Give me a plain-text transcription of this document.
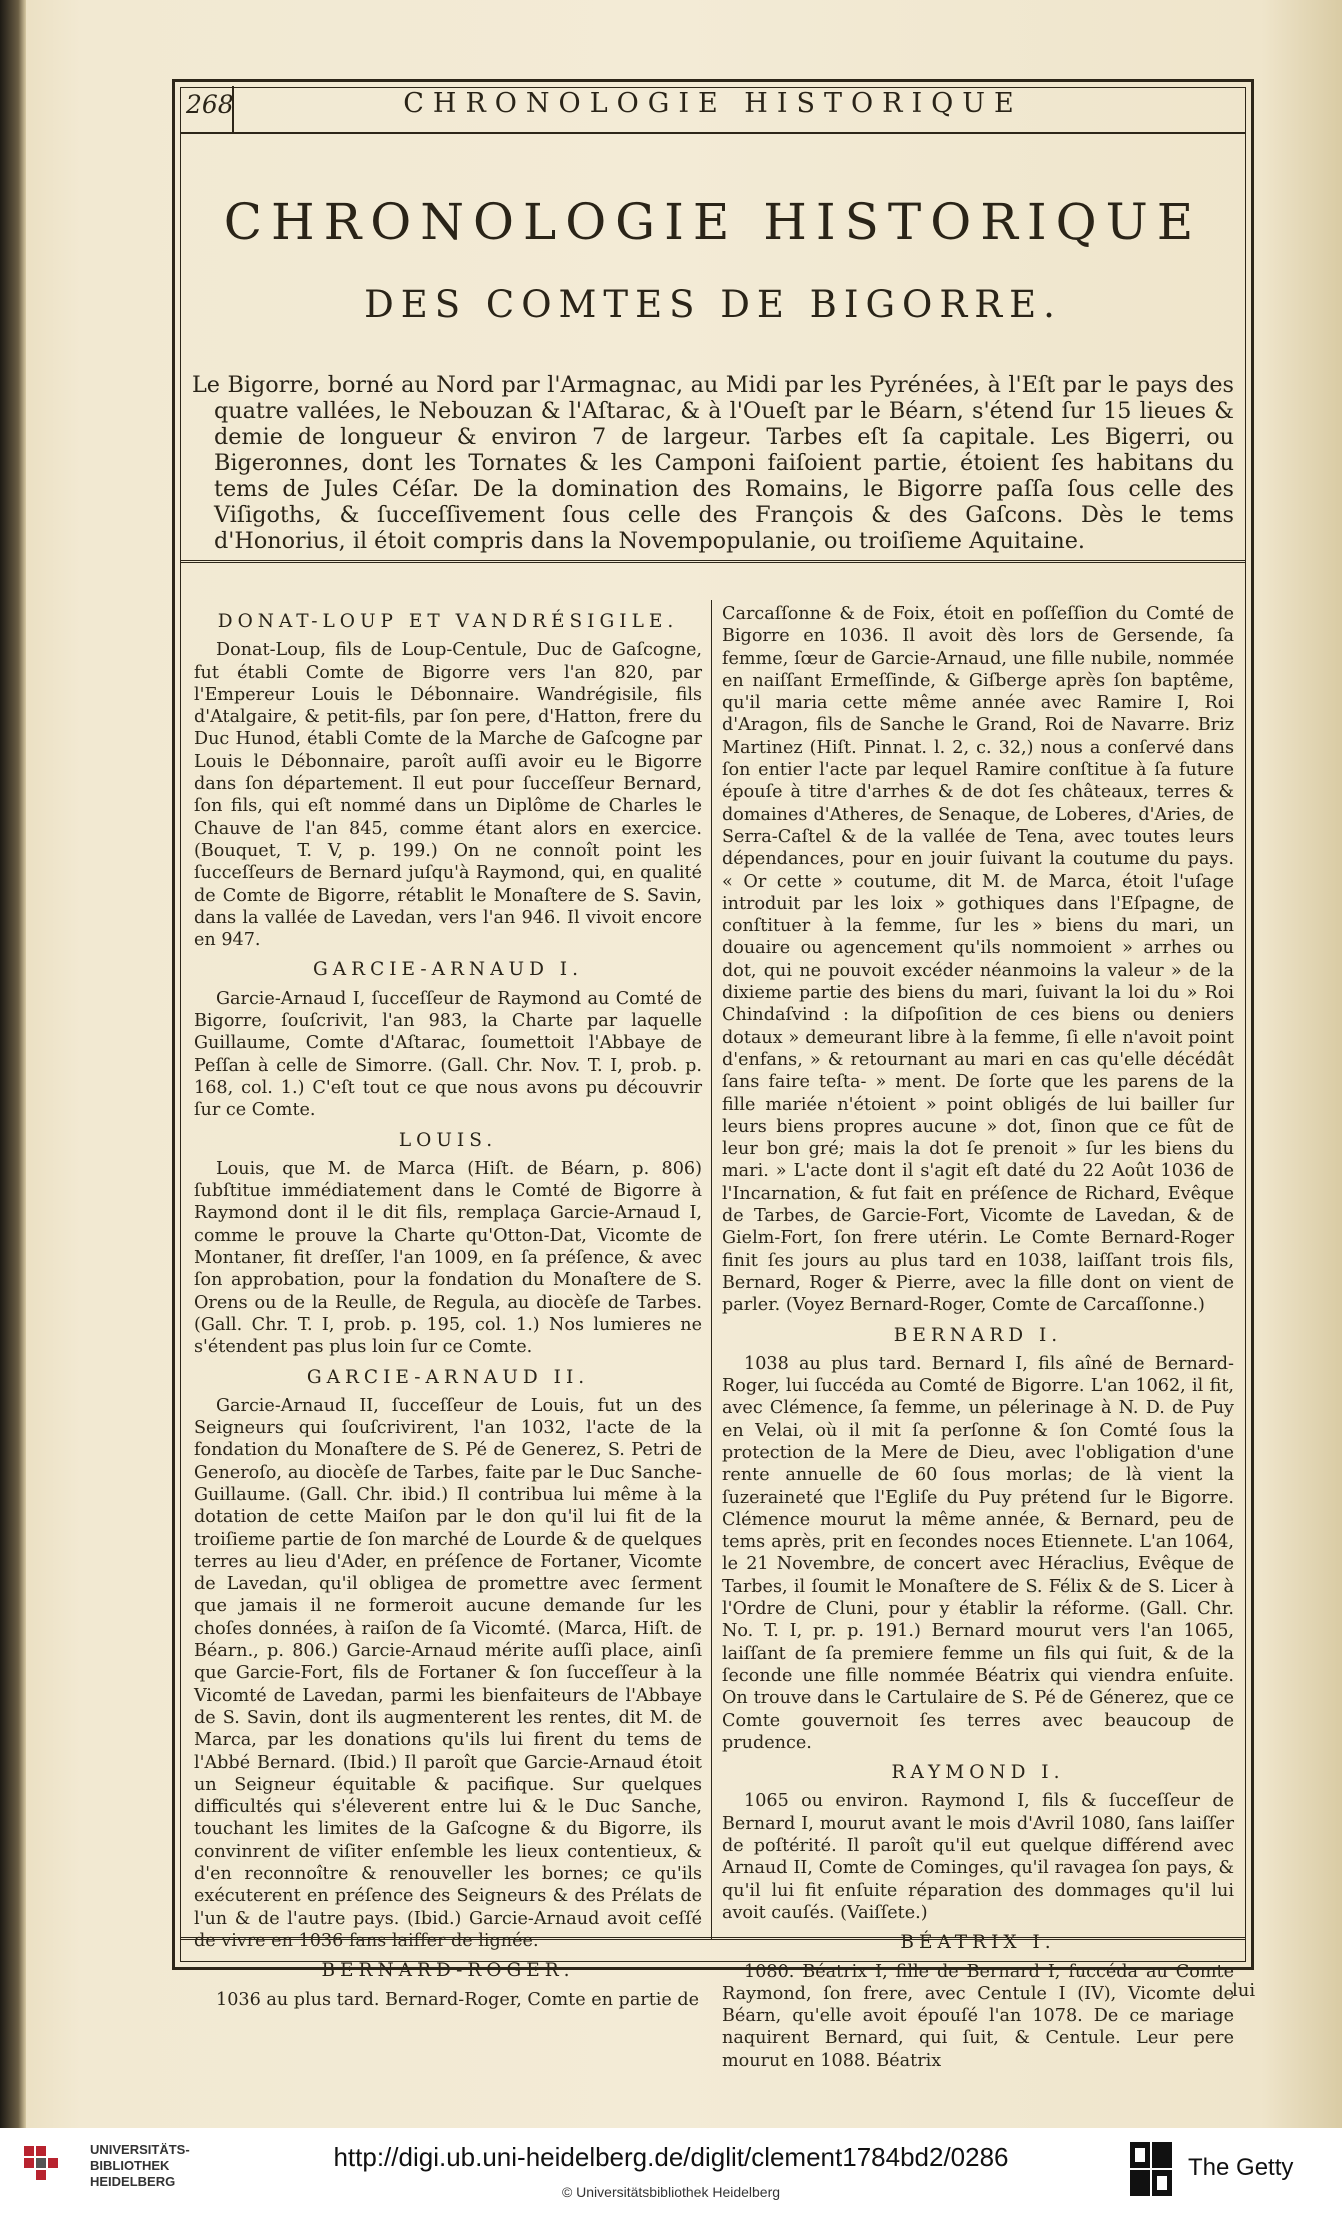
268	CHRONOLOGIE HISTORIQUE
CHRONOLOGIE HISTORIQUE
DES COMTES DE BIGORRE.
Le Bigorre, borné au Nord par l'Armagnac, au Midi par les Pyrénées, à l'Eſt par le pays des quatre vallées, le Nebouzan & l'Aſtarac, & à l'Oueſt par le Béarn, s'étend ſur 15 lieues & demie de longueur & environ 7 de largeur. Tarbes eſt ſa capitale. Les Bigerri, ou Bigeronnes, dont les Tornates & les Camponi faiſoient partie, étoient ſes habitans du tems de Jules Céſar. De la domination des Romains, le Bigorre paſſa ſous celle des Viſigoths, & ſucceſſivement ſous celle des François & des Gaſcons. Dès le tems d'Honorius, il étoit compris dans la Novempopulanie, ou troiſieme Aquitaine.
DONAT-LOUP ET VANDRÉSIGILE.

Donat-Loup, fils de Loup-Centule, Duc de Gaſcogne, fut établi Comte de Bigorre vers l'an 820, par l'Empereur Louis le Débonnaire. Wandrégisile, fils d'Atalgaire, & petit-fils, par ſon pere, d'Hatton, frere du Duc Hunod, établi Comte de la Marche de Gaſcogne par Louis le Débonnaire, paroît auſſi avoir eu le Bigorre dans ſon département. Il eut pour ſucceſſeur Bernard, ſon fils, qui eſt nommé dans un Diplôme de Charles le Chauve de l'an 845, comme étant alors en exercice. (Bouquet, T. V, p. 199.) On ne connoît point les ſucceſſeurs de Bernard juſqu'à Raymond, qui, en qualité de Comte de Bigorre, rétablit le Monaſtere de S. Savin, dans la vallée de Lavedan, vers l'an 946. Il vivoit encore en 947.

GARCIE-ARNAUD I.

Garcie-Arnaud I, ſucceſſeur de Raymond au Comté de Bigorre, ſouſcrivit, l'an 983, la Charte par laquelle Guillaume, Comte d'Aſtarac, ſoumettoit l'Abbaye de Peſſan à celle de Simorre. (Gall. Chr. Nov. T. I, prob. p. 168, col. 1.) C'eſt tout ce que nous avons pu découvrir ſur ce Comte.

LOUIS.

Louis, que M. de Marca (Hiſt. de Béarn, p. 806) ſubſtitue immédiatement dans le Comté de Bigorre à Raymond dont il le dit fils, remplaça Garcie-Arnaud I, comme le prouve la Charte qu'Otton-Dat, Vicomte de Montaner, fit dreſſer, l'an 1009, en ſa préſence, & avec ſon approbation, pour la fondation du Monaſtere de S. Orens ou de la Reulle, de Regula, au diocèſe de Tarbes. (Gall. Chr. T. I, prob. p. 195, col. 1.) Nos lumieres ne s'étendent pas plus loin ſur ce Comte.

GARCIE-ARNAUD II.

Garcie-Arnaud II, ſucceſſeur de Louis, fut un des Seigneurs qui ſouſcrivirent, l'an 1032, l'acte de la fondation du Monaſtere de S. Pé de Generez, S. Petri de Generoſo, au diocèſe de Tarbes, faite par le Duc Sanche-Guillaume. (Gall. Chr. ibid.) Il contribua lui même à la dotation de cette Maiſon par le don qu'il lui fit de la troiſieme partie de ſon marché de Lourde & de quelques terres au lieu d'Ader, en préſence de Fortaner, Vicomte de Lavedan, qu'il obligea de promettre avec ſerment que jamais il ne formeroit aucune demande ſur les choſes données, à raiſon de ſa Vicomté. (Marca, Hiſt. de Béarn., p. 806.) Garcie-Arnaud mérite auſſi place, ainſi que Garcie-Fort, fils de Fortaner & ſon ſucceſſeur à la Vicomté de Lavedan, parmi les bienfaiteurs de l'Abbaye de S. Savin, dont ils augmenterent les rentes, dit M. de Marca, par les donations qu'ils lui firent du tems de l'Abbé Bernard. (Ibid.) Il paroît que Garcie-Arnaud étoit un Seigneur équitable & pacifique. Sur quelques difficultés qui s'éleverent entre lui & le Duc Sanche, touchant les limites de la Gaſcogne & du Bigorre, ils convinrent de viſiter enſemble les lieux contentieux, & d'en reconnoître & renouveller les bornes; ce qu'ils exécuterent en préſence des Seigneurs & des Prélats de l'un & de l'autre pays. (Ibid.) Garcie-Arnaud avoit ceſſé de vivre en 1036 ſans laiſſer de lignée.

BERNARD-ROGER.

1036 au plus tard. Bernard-Roger, Comte en partie de

Carcaſſonne & de Foix, étoit en poſſeſſion du Comté de Bigorre en 1036. Il avoit dès lors de Gersende, ſa femme, ſœur de Garcie-Arnaud, une fille nubile, nommée en naiſſant Ermeſſinde, & Giſberge après ſon baptême, qu'il maria cette même année avec Ramire I, Roi d'Aragon, fils de Sanche le Grand, Roi de Navarre. Briz Martinez (Hiſt. Pinnat. l. 2, c. 32,) nous a conſervé dans ſon entier l'acte par lequel Ramire conſtitue à ſa future épouſe à titre d'arrhes & de dot ſes châteaux, terres & domaines d'Atheres, de Senaque, de Loberes, d'Aries, de Serra-Caſtel & de la vallée de Tena, avec toutes leurs dépendances, pour en jouir ſuivant la coutume du pays. « Or cette » coutume, dit M. de Marca, étoit l'uſage introduit par les loix » gothiques dans l'Eſpagne, de conſtituer à la femme, ſur les » biens du mari, un douaire ou agencement qu'ils nommoient » arrhes ou dot, qui ne pouvoit excéder néanmoins la valeur » de la dixieme partie des biens du mari, ſuivant la loi du » Roi Chindaſvind : la diſpoſition de ces biens ou deniers dotaux » demeurant libre à la femme, ſi elle n'avoit point d'enfans, » & retournant au mari en cas qu'elle décédât ſans faire teſta- » ment. De ſorte que les parens de la fille mariée n'étoient » point obligés de lui bailler ſur leurs biens propres aucune » dot, ſinon que ce fût de leur bon gré; mais la dot ſe prenoit » ſur les biens du mari. » L'acte dont il s'agit eſt daté du 22 Août 1036 de l'Incarnation, & fut fait en préſence de Richard, Evêque de Tarbes, de Garcie-Fort, Vicomte de Lavedan, & de Gielm-Fort, ſon frere utérin. Le Comte Bernard-Roger finit ſes jours au plus tard en 1038, laiſſant trois fils, Bernard, Roger & Pierre, avec la fille dont on vient de parler. (Voyez Bernard-Roger, Comte de Carcaſſonne.)

BERNARD I.

1038 au plus tard. Bernard I, fils aîné de Bernard-Roger, lui ſuccéda au Comté de Bigorre. L'an 1062, il fit, avec Clémence, ſa femme, un pélerinage à N. D. de Puy en Velai, où il mit ſa perſonne & ſon Comté ſous la protection de la Mere de Dieu, avec l'obligation d'une rente annuelle de 60 ſous morlas; de là vient la ſuzeraineté que l'Egliſe du Puy prétend ſur le Bigorre. Clémence mourut la même année, & Bernard, peu de tems après, prit en ſecondes noces Etiennete. L'an 1064, le 21 Novembre, de concert avec Héraclius, Evêque de Tarbes, il ſoumit le Monaſtere de S. Félix & de S. Licer à l'Ordre de Cluni, pour y établir la réforme. (Gall. Chr. No. T. I, pr. p. 191.) Bernard mourut vers l'an 1065, laiſſant de ſa premiere femme un fils qui ſuit, & de la ſeconde une fille nommée Béatrix qui viendra enſuite. On trouve dans le Cartulaire de S. Pé de Génerez, que ce Comte gouvernoit ſes terres avec beaucoup de prudence.

RAYMOND I.

1065 ou environ. Raymond I, fils & ſucceſſeur de Bernard I, mourut avant le mois d'Avril 1080, ſans laiſſer de poſtérité. Il paroît qu'il eut quelque différend avec Arnaud II, Comte de Cominges, qu'il ravagea ſon pays, & qu'il lui fit enſuite réparation des dommages qu'il lui avoit cauſés. (Vaiſſete.)

BÉATRIX I.

1080. Béatrix I, fille de Bernard I, ſuccéda au Comte Raymond, ſon frere, avec Centule I (IV), Vicomte de Béarn, qu'elle avoit épouſé l'an 1078. De ce mariage naquirent Bernard, qui ſuit, & Centule. Leur pere mourut en 1088. Béatrix

lui
UNIVERSITÄTS-
BIBLIOTHEK
HEIDELBERG
http://digi.ub.uni-heidelberg.de/diglit/clement1784bd2/0286
© Universitätsbibliothek Heidelberg
The Getty
